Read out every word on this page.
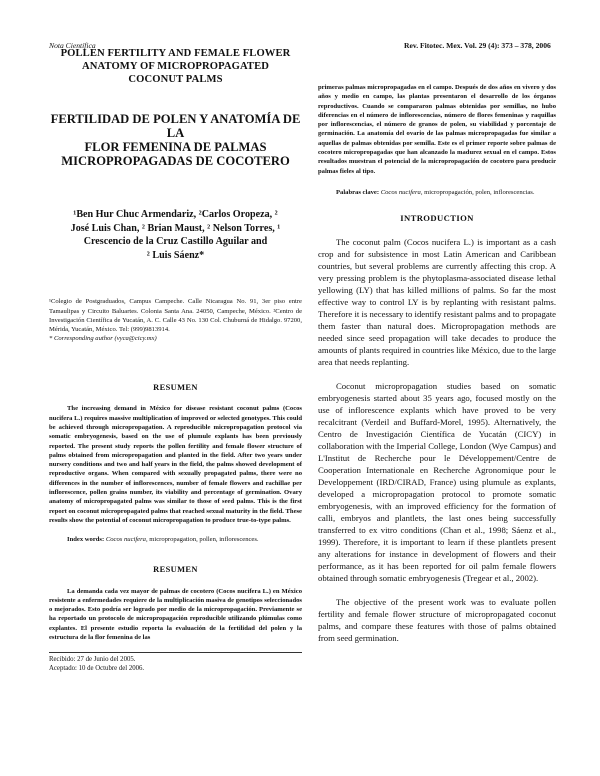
Nota Científica	Rev. Fitotec. Mex. Vol. 29 (4): 373 – 378, 2006
POLLEN FERTILITY AND FEMALE FLOWER
ANATOMY OF MICROPROPAGATED
COCONUT PALMS
FERTILIDAD DE POLEN Y ANATOMÍA DE LA
FLOR FEMENINA DE PALMAS
MICROPROPAGADAS DE COCOTERO
¹Ben Hur Chuc Armendariz, ²Carlos Oropeza, ²
José Luis Chan, ² Brian Maust, ² Nelson Torres, ¹
Crescencio de la Cruz Castillo Aguilar and
² Luis Sáenz*
¹Colegio de Postgraduados, Campus Campeche. Calle Nicaragua No. 91, 3er piso entre Tamaulipas y Circuito Baluartes. Colonia Santa Ana. 24050, Campeche, México. ²Centro de Investigación Científica de Yucatán, A. C. Calle 43 No. 130 Col. Chuburná de Hidalgo. 97200, Mérida, Yucatán, México. Tel: (999)9813914.
* Corresponding author (vyca@cicy.mx)
RESUMEN
The increasing demand in México for disease resistant coconut palms (Cocos nucifera L.) requires massive multiplication of improved or selected genotypes. This could be achieved through micropropagation. A reproducible micropropagation protocol via somatic embryogenesis, based on the use of plumule explants has been previously reported. The present study reports the pollen fertility and female flower structure of palms obtained from micropropagation and planted in the field. After two years under nursery conditions and two and half years in the field, the palms showed development of reproductive organs. When compared with sexually propagated palms, there were no differences in the number of inflorescences, number of female flowers and rachillae per inflorescence, pollen grains number, its viability and percentage of germination. Ovary anatomy of micropropagated palms was similar to those of seed palms. This is the first report on coconut micropropagated palms that reached sexual maturity in the field. These results show the potential of coconut micropropagation to produce true-to-type palms.
Index words: Cocos nucifera, micropropagation, pollen, inflorescences.
RESUMEN
La demanda cada vez mayor de palmas de cocotero (Cocos nucifera L.) en México resistente a enfermedades requiere de la multiplicación masiva de genotipos seleccionados o mejorados. Esto podría ser logrado por medio de la micropropagación. Previamente se ha reportado un protocolo de micropropagación reproducible utilizando plúmulas como explantes. El presente estudio reporta la evaluación de la fertilidad del polen y la estructura de la flor femenina de las
Recibido: 27 de Junio del 2005.
Aceptado: 10 de Octubre del 2006.
primeras palmas micropropagadas en el campo. Después de dos años en vivero y dos años y medio en campo, las plantas presentaron el desarrollo de los órganos reproductivos. Cuando se compararon palmas obtenidas por semillas, no hubo diferencias en el número de inflorescencias, número de flores femeninas y raquillas por inflorescencias, el número de granos de polen, su viabilidad y porcentaje de germinación. La anatomía del ovario de las palmas micropropagadas fue similar a aquellas de palmas obtenidas por semilla. Este es el primer reporte sobre palmas de cocotero micropropagadas que han alcanzado la madurez sexual en el campo. Estos resultados muestran el potencial de la micropropagación de cocotero para producir palmas fieles al tipo.
Palabras clave: Cocos nucifera, micropropagación, polen, inflorescencias.
INTRODUCTION
The coconut palm (Cocos nucifera L.) is important as a cash crop and for subsistence in most Latin American and Caribbean countries, but several problems are currently affecting this crop. A very pressing problem is the phytoplasma-associated disease lethal yellowing (LY) that has killed millions of palms. So far the most effective way to control LY is by replanting with resistant palms. Therefore it is necessary to identify resistant palms and to propagate them faster than natural does. Micropropagation methods are needed since seed propagation will take decades to produce the amounts of plants required in countries like México, due to the large area that needs replanting.
Coconut micropropagation studies based on somatic embryogenesis started about 35 years ago, focused mostly on the use of inflorescence explants which have proved to be very recalcitrant (Verdeil and Buffard-Morel, 1995). Alternatively, the Centro de Investigación Científica de Yucatán (CICY) in collaboration with the Imperial College, London (Wye Campus) and L'Institut de Recherche pour le Développement/Centre de Cooperation Internationale en Recherche Agronomique pour le Developpement (IRD/CIRAD, France) using plumule as explants, developed a micropropagation protocol to promote somatic embryogenesis, with an improved efficiency for the formation of calli, embryos and plantlets, the last ones being successfully transferred to ex vitro conditions (Chan et al., 1998; Sáenz et al., 1999). Therefore, it is important to learn if these plantlets present any alterations for instance in development of flowers and their performance, as it has been reported for oil palm female flowers obtained through somatic embryogenesis (Tregear et al., 2002).
The objective of the present work was to evaluate pollen fertility and female flower structure of micropropagated coconut palms, and compare these features with those of palms obtained from seed germination.
